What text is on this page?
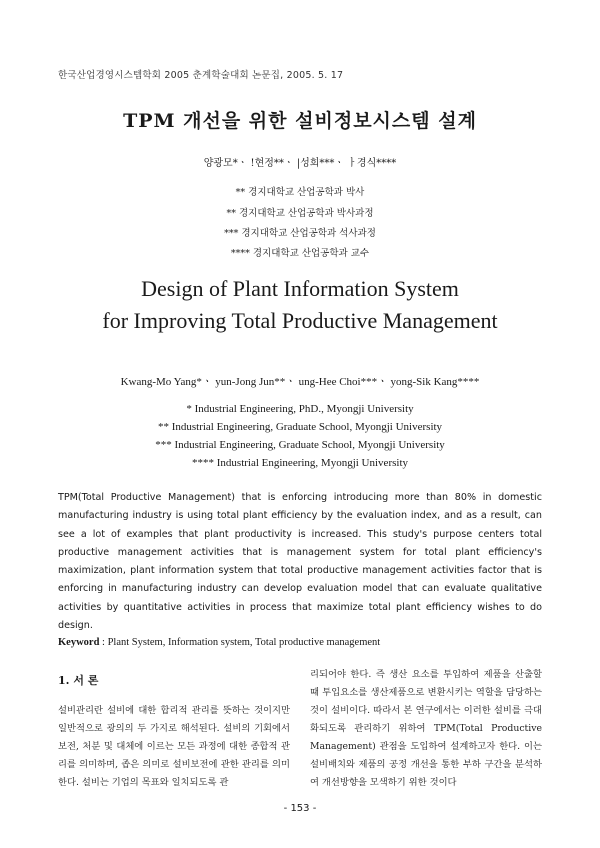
한국산업경영시스템학회 2005 춘계학술대회 논문집, 2005. 5. 17
TPM 개선을 위한 설비정보시스템 설계
양광모*ㆍ !현정**ㆍ |성희***ㆍ ㅏ경식****
** 경지대학교 산업공학과 박사
** 경지대학교 산업공학과 박사과정
*** 경지대학교 산업공학과 석사과정
**** 경지대학교 산업공학과 교수
Design of Plant Information System
for Improving Total Productive Management
Kwang-Mo Yang*ㆍ yun-Jong Jun**ㆍ ung-Hee Choi***ㆍ yong-Sik Kang****
* Industrial Engineering, PhD., Myongji University
** Industrial Engineering, Graduate School, Myongji University
*** Industrial Engineering, Graduate School, Myongji University
**** Industrial Engineering, Myongji University

TPM(Total Productive Management) that is enforcing introducing more than 80% in domestic manufacturing industry is using total plant efficiency by the evaluation index, and as a result, can see a lot of examples that plant productivity is increased. This study's purpose centers total productive management activities that is management system for total plant efficiency's maximization, plant information system that total productive management activities factor that is enforcing in manufacturing industry can develop evaluation model that can evaluate qualitative activities by quantitative activities in process that maximize total plant efficiency wishes to do design.

Keyword : Plant System, Information system, Total productive management
1. 서 론

설비관리란 설비에 대한 합리적 관리를 뜻하는 것이지만 일반적으로 광의의 두 가지로 해석된다. 설비의 기회에서 보전, 처분 및 대체에 이르는 모든 과정에 대한 종합적 관리를 의미하며, 좁은 의미로 설비보전에 관한 관리를 의미한다. 설비는 기업의 목표와 일치되도록 관

리되어야 한다. 즉 생산 요소를 투입하여 제품을 산출할 때 투입요소를 생산제품으로 변환시키는 역할을 담당하는 것이 설비이다. 따라서 본 연구에서는 이러한 설비를 극대화되도록 관리하기 위하여 TPM(Total Productive Management) 관점을 도입하여 설계하고자 한다. 이는 설비배치와 제품의 공정 개선을 통한 부하 구간을 분석하여 개선방향을 모색하기 위한 것이다

- 153 -
